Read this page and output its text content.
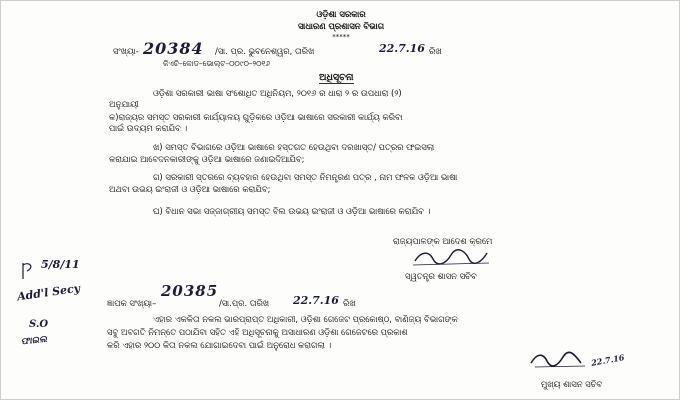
ଓଡ଼ିଶା ସରକାର
ସାଧାରଣ ପ୍ରଶାସନ ବିଭାଗ
*****
ସଂଖ୍ୟା- 20384 /ସା. ପ୍ର. ଭୁବନେଶ୍ୱର, ତାରିଖ	22.7.16 ରିଖ
କିଏଚି–କୋଡ–ଭୋଲ୍ଟ–୦୦୯୦–୨୦୧୬
ଅଧିସୂଚନା
ଓଡ଼ିଶା ସରକାରୀ ଭାଷା ସଂଶୋଧିତ ଅଧିନିୟମ, ୨୦୧୬ ର ଧାରା ୨ ର ଉପଧାରା (୨)
ଅନୁଯାୟୀ
କ)ରାଜ୍ୟର ସମସ୍ତ ସରକାରୀ କାର୍ଯ୍ୟାଳୟ ଗୁଡ଼ିକରେ ଓଡ଼ିଆ ଭାଷାରେ ସରକାରୀ କାର୍ଯ୍ୟ କରିବା
ପାଇଁ ଉଦ୍ୟମ କରାଯିବ ।
ଖ) ସମସ୍ତ ବିଭାଗରେ ଓଡ଼ିଆ ଭାଷାରେ ହସ୍ତଗତ ହେଉଥିବା ଦରଖାସ୍ତ/ ପତ୍ରର ଫଇସଲା
କରାଯାଇ ଆବେଦନକାରୀଙ୍କୁ ଓଡ଼ିଆ ଭାଷାରେ ଜଣାଇଦିଆଯିବ;
ଗ) ସରକାରୀ ସ୍ତରରେ ବ୍ୟବହାର ହେଉଥିବା ସମସ୍ତ ନିମନ୍ତ୍ରଣ ପତ୍ର , ନାମ ଫଳକ ଓଡ଼ିଆ ଭାଷା
ଅଥବା ଉଭୟ ଇଂରାଜୀ ଓ ଓଡ଼ିଆ ଭାଷାରେ କରାଯିବ;
ଘ) ବିଧାନ ସଭା ସଜ୍ଜାଗ୍ରୀୟ ସମସ୍ତ ବିଲ ଉଭୟ ଇଂରାଜୀ ଓ ଓଡ଼ିଆ ଭାଷାରେ କରାଯିବ ।
ରାଜ୍ୟପାଳଙ୍କ ଆଦେଶ କ୍ରମେ
ସ୍ୱତନ୍ତ୍ର ଶାସନ ସଚିବ
5/8/11
Add'l Secy
S.O
ଫାଇଲ
20385
ଜ୍ଞାପକ ସଂଖ୍ୟା–	/ସା.ପ୍ର. ତାରିଖ 22.7.16 ରିଖ
ଏହାର ଏକକିତା ନକଲ ଭାରପ୍ରାପ୍ତ ଅଧିକାରୀ, ଓଡ଼ିଶା ଗେଜେଟ ପ୍ରକୋଷ୍ଠ, ବାଣିଜ୍ୟ ବିଭାଗଙ୍କ
ସବୁ ଅବଗତି ନିମନ୍ତେ ପଠାଯିବା ସହିତ ଏହି ଅଧିସୂଚନାକୁ ଅସାଧାରଣ ଓଡ଼ିଶା ଗେଜେଟରେ ପ୍ରକାଶ
କରି ଏହାର ୨୦୦ କିତା ନକଲ ଯୋଗାଇଦେବା ପାଇଁ ଅନୁରୋଧ କରାଗଲା ।
22.7.16
ମୁଖ୍ୟ ଶାସନ ସଚିବ
